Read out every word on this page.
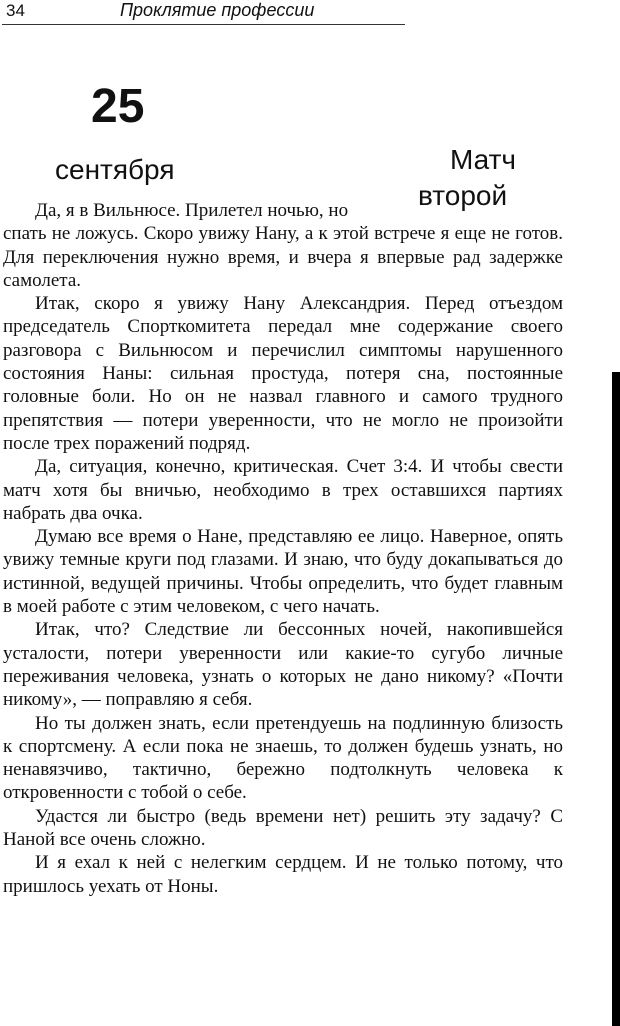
34	Проклятие профессии
25
сентября	Матч
второй

Да, я в Вильнюсе. Прилетел ночью, но

спать не ложусь. Скоро увижу Нану, а к этой встрече я еще не готов. Для переключения нужно время, и вчера я впервые рад задержке самолета.

Итак, скоро я увижу Нану Александрия. Перед отъездом председатель Спорткомитета передал мне содержание своего разговора с Вильнюсом и перечислил симптомы нарушенного состояния Наны: сильная простуда, потеря сна, постоянные головные боли. Но он не назвал главного и самого трудного препятствия — потери уверенности, что не могло не произойти после трех поражений подряд.

Да, ситуация, конечно, критическая. Счет 3:4. И чтобы свести матч хотя бы вничью, необходимо в трех оставшихся партиях набрать два очка.

Думаю все время о Нане, представляю ее лицо. Наверное, опять увижу темные круги под глазами. И знаю, что буду докапываться до истинной, ведущей причины. Чтобы определить, что будет главным в моей работе с этим человеком, с чего начать.

Итак, что? Следствие ли бессонных ночей, накопившейся усталости, потери уверенности или какие-то сугубо личные переживания человека, узнать о которых не дано никому? «Почти никому», — поправляю я себя.

Но ты должен знать, если претендуешь на подлинную близость к спортсмену. А если пока не знаешь, то должен будешь узнать, но ненавязчиво, тактично, бережно подтолкнуть человека к откровенности с тобой о себе.

Удастся ли быстро (ведь времени нет) решить эту задачу? С Наной все очень сложно.

И я ехал к ней с нелегким сердцем. И не только потому, что пришлось уехать от Ноны.
